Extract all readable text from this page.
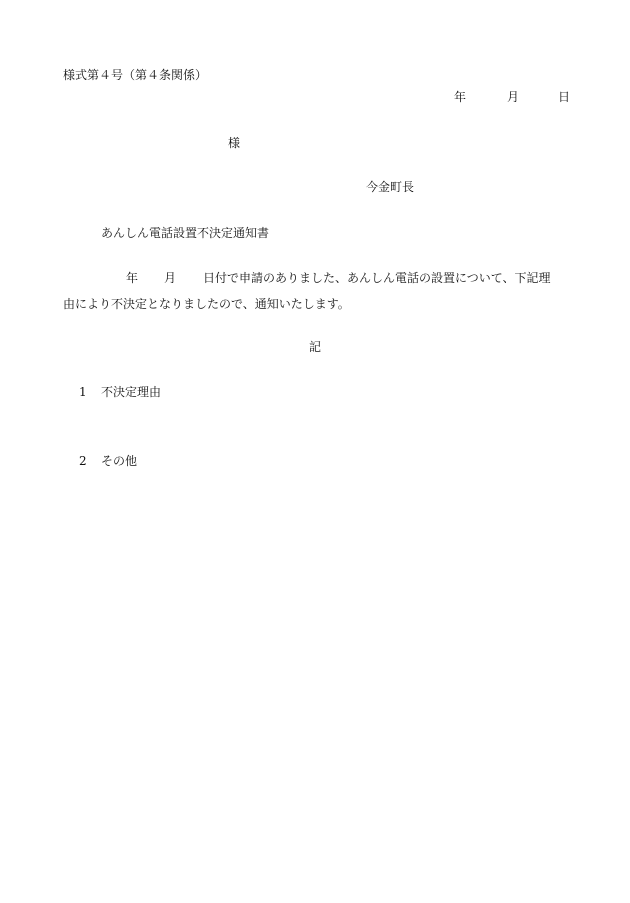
様式第４号（第４条関係）
年	月	日
様
今金町長
あんしん電話設置不決定通知書
年 月 日付で申請のありました、あんしん電話の設置について、下記理
由により不決定となりましたので、通知いたします。
記
1 不決定理由
2 その他
